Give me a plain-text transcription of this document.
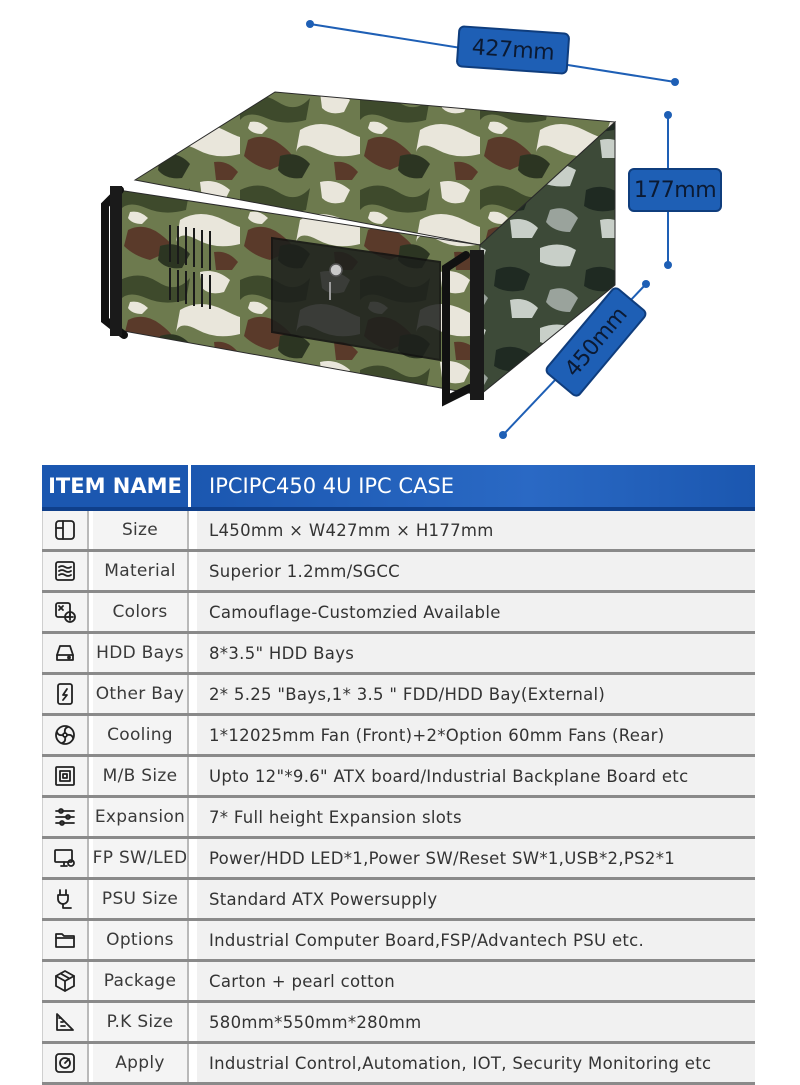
427mm
177mm
450mm
ITEM NAME	IPCIPC450 4U IPC CASE
Size	L450mm × W427mm × H177mm
Material	Superior 1.2mm/SGCC
Colors	Camouflage-Customzied Available
HDD Bays	8*3.5" HDD Bays
Other Bay	2* 5.25 "Bays,1* 3.5 " FDD/HDD Bay(External)
Cooling	1*12025mm Fan (Front)+2*Option 60mm Fans (Rear)
M/B Size	Upto 12"*9.6" ATX board/Industrial Backplane Board etc
Expansion	7* Full height Expansion slots
FP SW/LED	Power/HDD LED*1,Power SW/Reset SW*1,USB*2,PS2*1
PSU Size	Standard ATX Powersupply
Options	Industrial Computer Board,FSP/Advantech PSU etc.
Package	Carton + pearl cotton
P.K Size	580mm*550mm*280mm
Apply	Industrial Control,Automation, IOT, Security Monitoring etc
